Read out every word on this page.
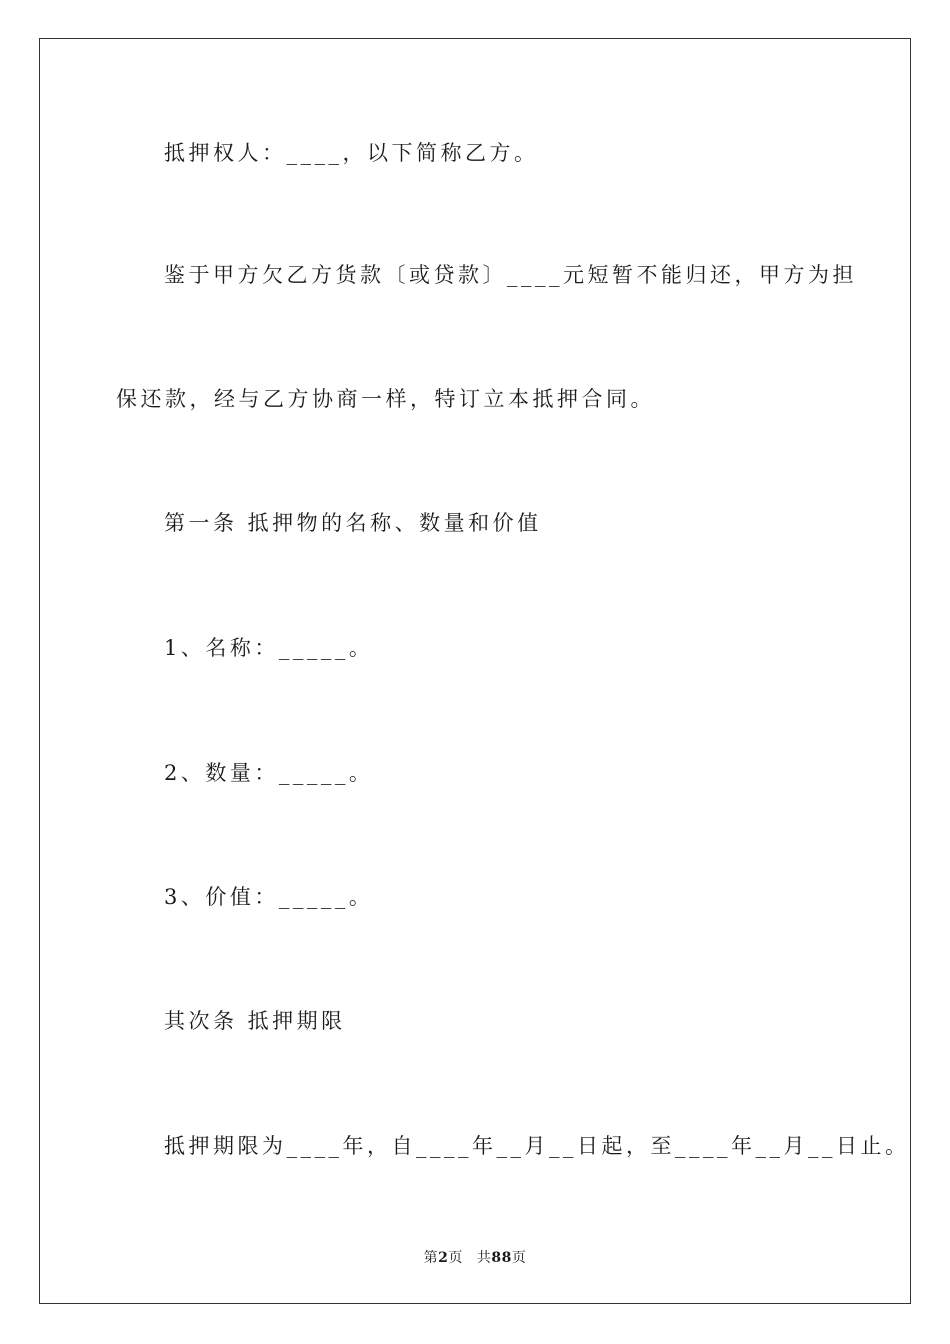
抵押权人：____，以下简称乙方。
鉴于甲方欠乙方货款〔或贷款〕____元短暂不能归还，甲方为担
保还款，经与乙方协商一样，特订立本抵押合同。
第一条 抵押物的名称、数量和价值
1、名称：_____。
2、数量：_____。
3、价值：_____。
其次条 抵押期限
抵押期限为____年，自____年__月__日起，至____年__月__日止。
第2页 共88页
